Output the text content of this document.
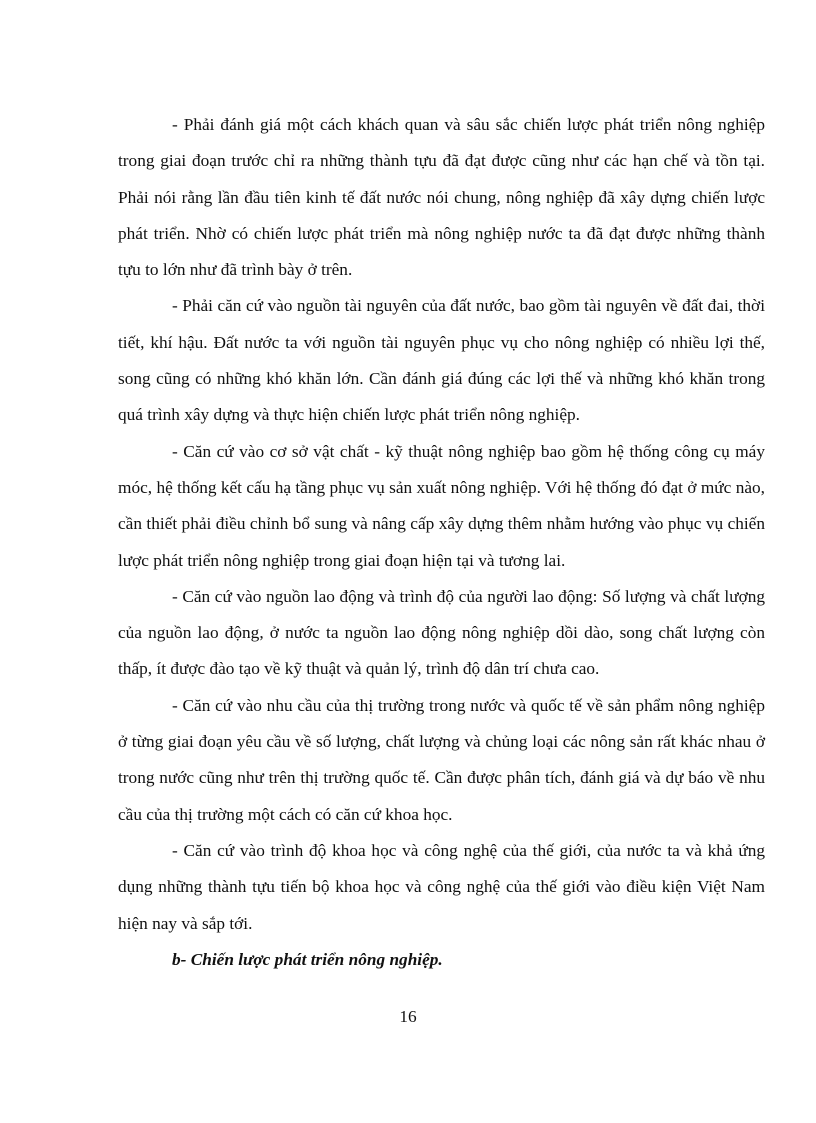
- Phải đánh giá một cách khách quan và sâu sắc chiến lược phát triển nông nghiệp trong giai đoạn trước chỉ ra những thành tựu đã đạt được cũng như các hạn chế và tồn tại. Phải nói rằng lần đầu tiên kinh tế đất nước nói chung, nông nghiệp đã xây dựng chiến lược phát triển. Nhờ có chiến lược phát triển mà nông nghiệp nước ta đã đạt được những thành tựu to lớn như đã trình bày ở trên.

- Phải căn cứ vào nguồn tài nguyên của đất nước, bao gồm tài nguyên về đất đai, thời tiết, khí hậu. Đất nước ta với nguồn tài nguyên phục vụ cho nông nghiệp có nhiều lợi thế, song cũng có những khó khăn lớn. Cần đánh giá đúng các lợi thế và những khó khăn trong quá trình xây dựng và thực hiện chiến lược phát triển nông nghiệp.

- Căn cứ vào cơ sở vật chất - kỹ thuật nông nghiệp bao gồm hệ thống công cụ máy móc, hệ thống kết cấu hạ tầng phục vụ sản xuất nông nghiệp. Với hệ thống đó đạt ở mức nào, cần thiết phải điều chỉnh bổ sung và nâng cấp xây dựng thêm nhằm hướng vào phục vụ chiến lược phát triển nông nghiệp trong giai đoạn hiện tại và tương lai.

- Căn cứ vào nguồn lao động và trình độ của người lao động: Số lượng và chất lượng của nguồn lao động, ở nước ta nguồn lao động nông nghiệp dồi dào, song chất lượng còn thấp, ít được đào tạo về kỹ thuật và quản lý, trình độ dân trí chưa cao.

- Căn cứ vào nhu cầu của thị trường trong nước và quốc tế về sản phẩm nông nghiệp ở từng giai đoạn yêu cầu về số lượng, chất lượng và chủng loại các nông sản rất khác nhau ở trong nước cũng như trên thị trường quốc tế. Cần được phân tích, đánh giá và dự báo về nhu cầu của thị trường một cách có căn cứ khoa học.

- Căn cứ vào trình độ khoa học và công nghệ của thế giới, của nước ta và khả ứng dụng những thành tựu tiến bộ khoa học và công nghệ của thế giới vào điều kiện Việt Nam hiện nay và sắp tới.

b- Chiến lược phát triển nông nghiệp.

16
